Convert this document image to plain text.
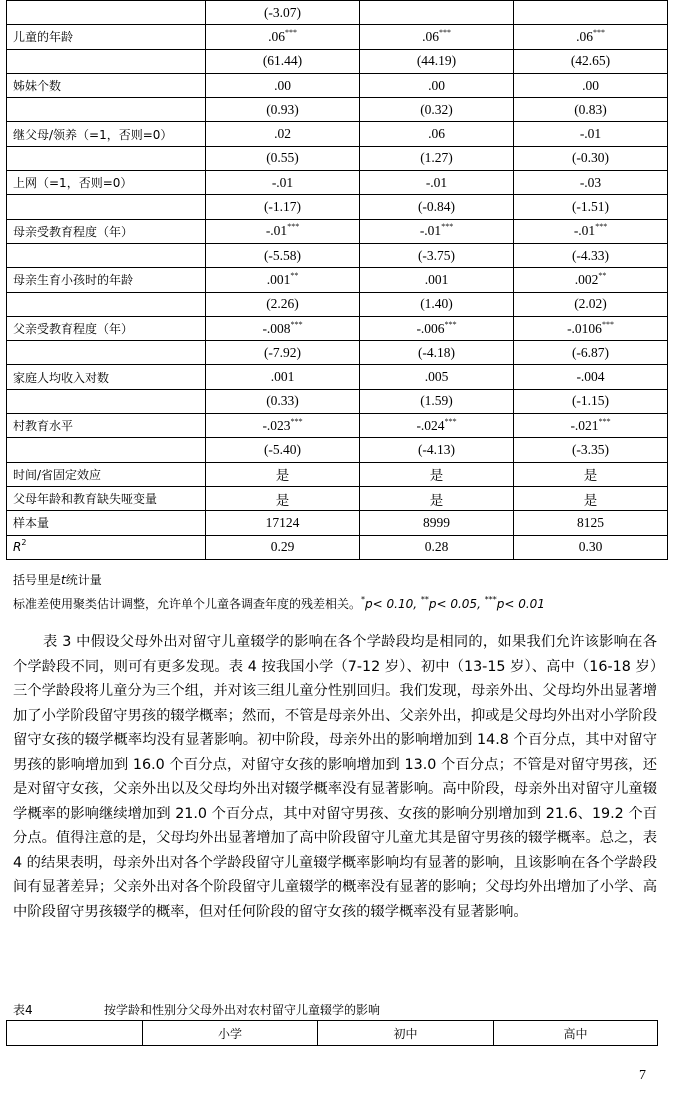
	(-3.07)		
儿童的年龄	.06***	.06***	.06***
	(61.44)	(44.19)	(42.65)
姊妹个数	.00	.00	.00
	(0.93)	(0.32)	(0.83)
继父母/领养（=1，否则=0）	.02	.06	-.01
	(0.55)	(1.27)	(-0.30)
上网（=1，否则=0）	-.01	-.01	-.03
	(-1.17)	(-0.84)	(-1.51)
母亲受教育程度（年）	-.01***	-.01***	-.01***
	(-5.58)	(-3.75)	(-4.33)
母亲生育小孩时的年龄	.001**	.001	.002**
	(2.26)	(1.40)	(2.02)
父亲受教育程度（年）	-.008***	-.006***	-.0106***
	(-7.92)	(-4.18)	(-6.87)
家庭人均收入对数	.001	.005	-.004
	(0.33)	(1.59)	(-1.15)
村教育水平	-.023***	-.024***	-.021***
	(-5.40)	(-4.13)	(-3.35)
时间/省固定效应	是	是	是
父母年龄和教育缺失哑变量	是	是	是
样本量	17124	8999	8125
$R^2$	0.29	0.28	0.30
括号里是t统计量
标准差使用聚类估计调整，允许单个儿童各调查年度的残差相关。*p< 0.10, **p< 0.05, ***p< 0.01

表 3 中假设父母外出对留守儿童辍学的影响在各个学龄段均是相同的，如果我们允许该影响在各个学龄段不同，则可有更多发现。表 4 按我国小学（7-12 岁）、初中（13-15 岁）、高中（16-18 岁）三个学龄段将儿童分为三个组，并对该三组儿童分性别回归。我们发现，母亲外出、父母均外出显著增加了小学阶段留守男孩的辍学概率；然而，不管是母亲外出、父亲外出，抑或是父母均外出对小学阶段留守女孩的辍学概率均没有显著影响。初中阶段，母亲外出的影响增加到 14.8 个百分点，其中对留守男孩的影响增加到 16.0 个百分点，对留守女孩的影响增加到 13.0 个百分点；不管是对留守男孩，还是对留守女孩，父亲外出以及父母均外出对辍学概率没有显著影响。高中阶段，母亲外出对留守儿童辍学概率的影响继续增加到 21.0 个百分点，其中对留守男孩、女孩的影响分别增加到 21.6、19.2 个百分点。值得注意的是，父母均外出显著增加了高中阶段留守儿童尤其是留守男孩的辍学概率。总之，表 4 的结果表明，母亲外出对各个学龄段留守儿童辍学概率影响均有显著的影响，且该影响在各个学龄段间有显著差异；父亲外出对各个阶段留守儿童辍学的概率没有显著的影响；父母均外出增加了小学、高中阶段留守男孩辍学的概率，但对任何阶段的留守女孩的辍学概率没有显著影响。

表4	按学龄和性别分父母外出对农村留守儿童辍学的影响
	小学	初中	高中
7
